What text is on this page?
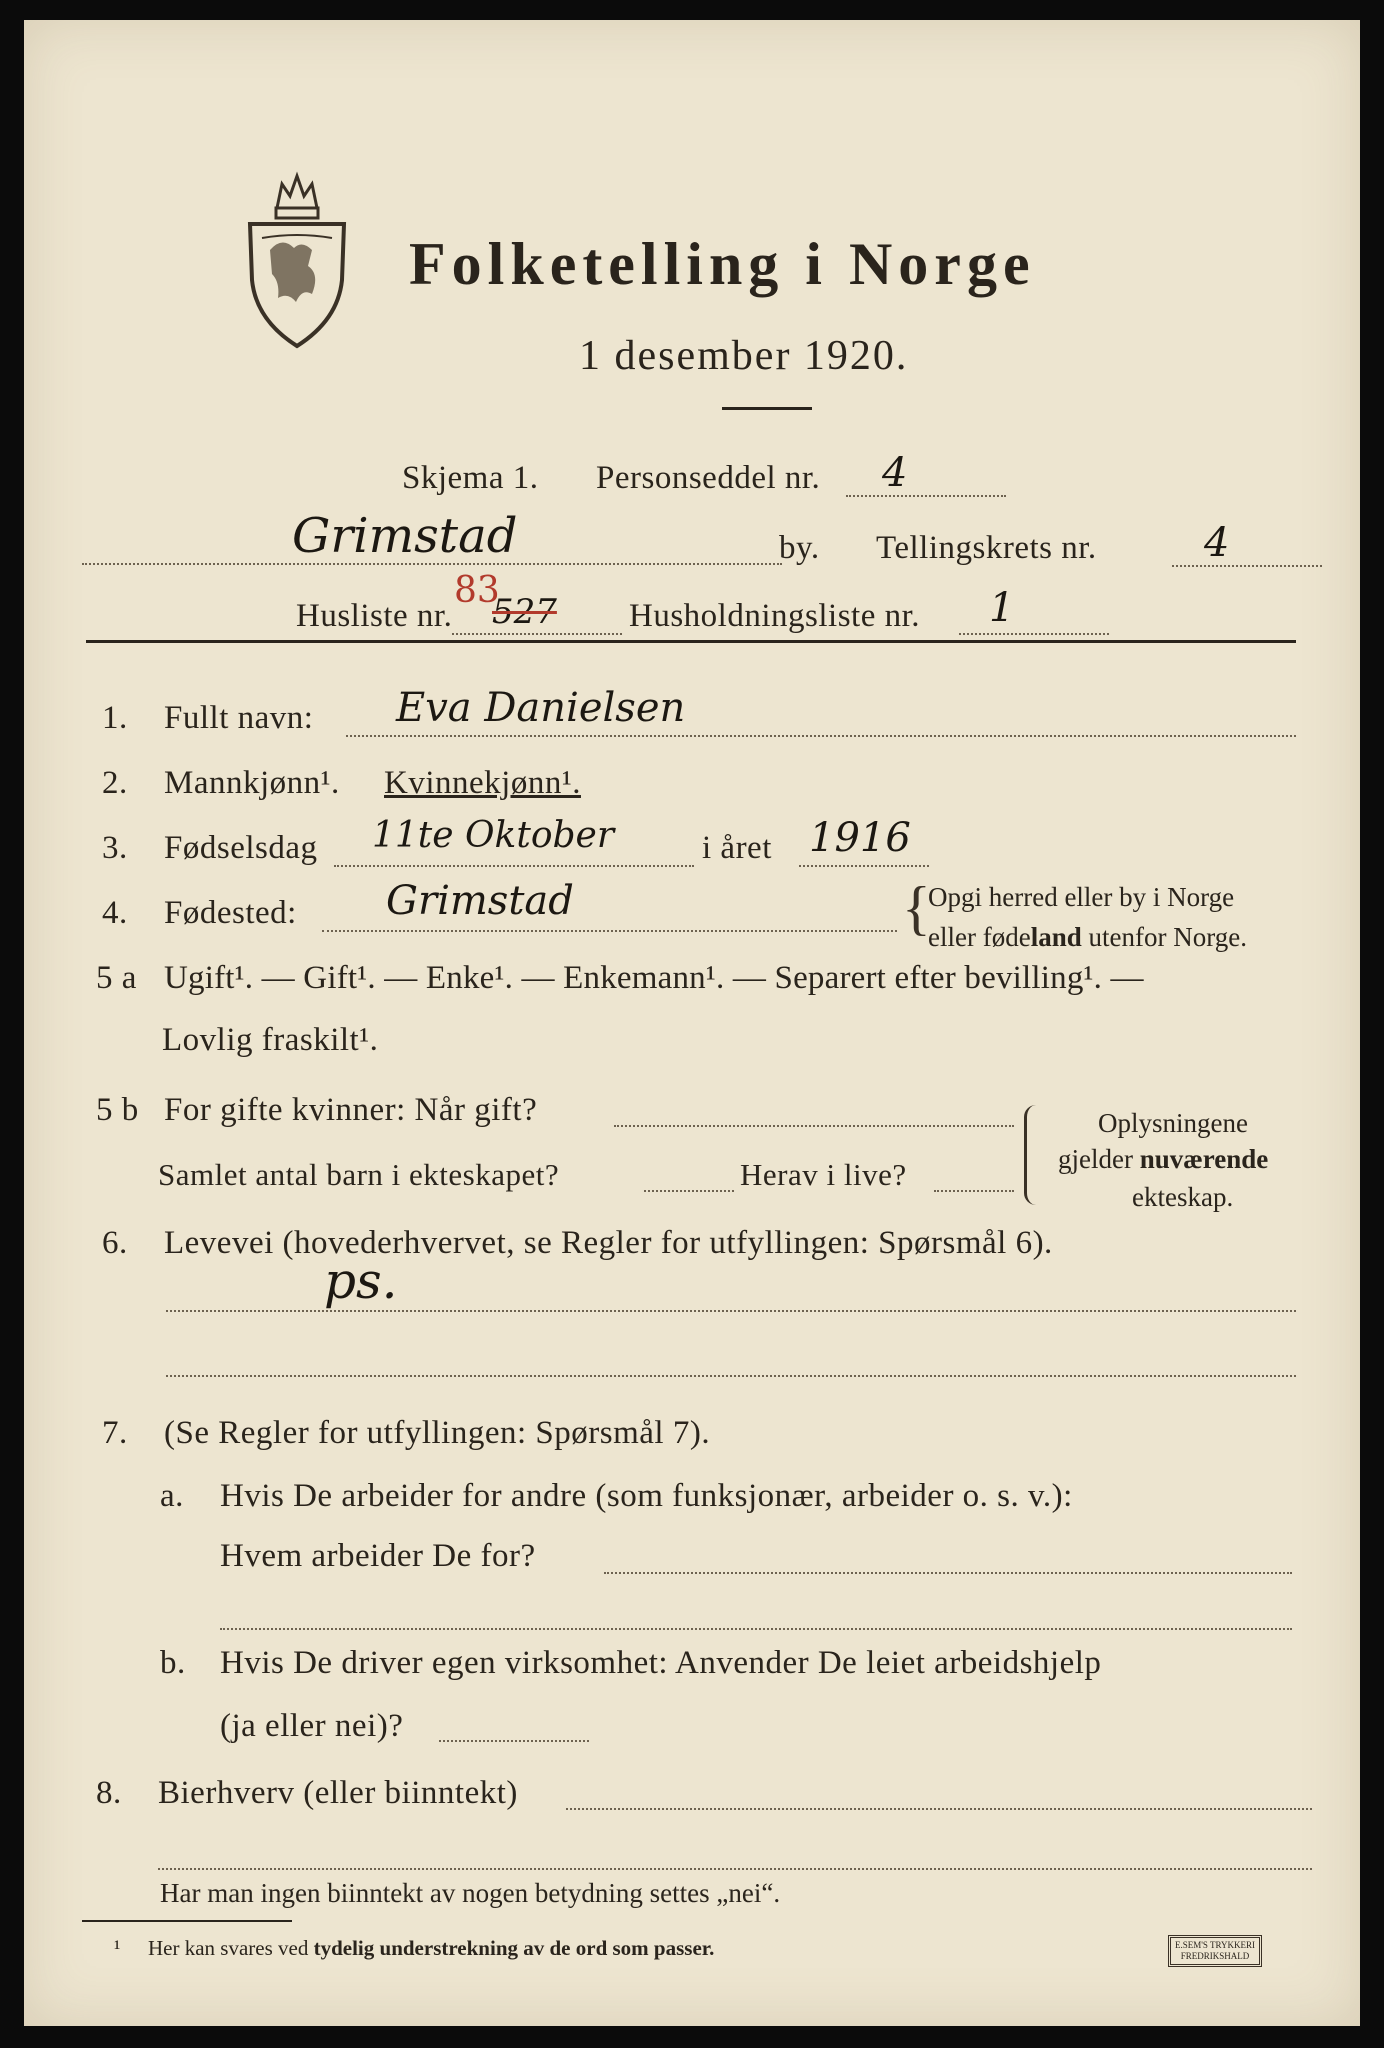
Folketelling i Norge
1 desember 1920.
Skjema 1. Personseddel nr. 4
Grimstad	by. Tellingskrets nr.	4
Husliste nr.
83
527 Husholdningsliste nr. 1
1. Fullt navn: Eva Danielsen
2. Mannkjønn¹. Kvinnekjønn¹.
3. Fødselsdag 11te Oktober	i året 1916
4. Fødested: Grimstad	{
Opgi herred eller by i Norge
eller fødeland utenfor Norge.
5 a Ugift¹. — Gift¹. — Enke¹. — Enkemann¹. — Separert efter bevilling¹. —
Lovlig fraskilt¹.
5 b For gifte kvinner: Når gift?
Samlet antal barn i ekteskapet?	Herav i live?
Oplysningene
gjelder nuværende
ekteskap.
6. Levevei (hovederhvervet, se Regler for utfyllingen: Spørsmål 6).
ps.
7. (Se Regler for utfyllingen: Spørsmål 7).
a. Hvis De arbeider for andre (som funksjonær, arbeider o. s. v.):
Hvem arbeider De for?
b. Hvis De driver egen virksomhet: Anvender De leiet arbeidshjelp
(ja eller nei)?
8. Bierhverv (eller biinntekt)
Har man ingen biinntekt av nogen betydning settes „nei“.
¹ Her kan svares ved tydelig understrekning av de ord som passer.	E.SEM'S TRYKKERI
FREDRIKSHALD
